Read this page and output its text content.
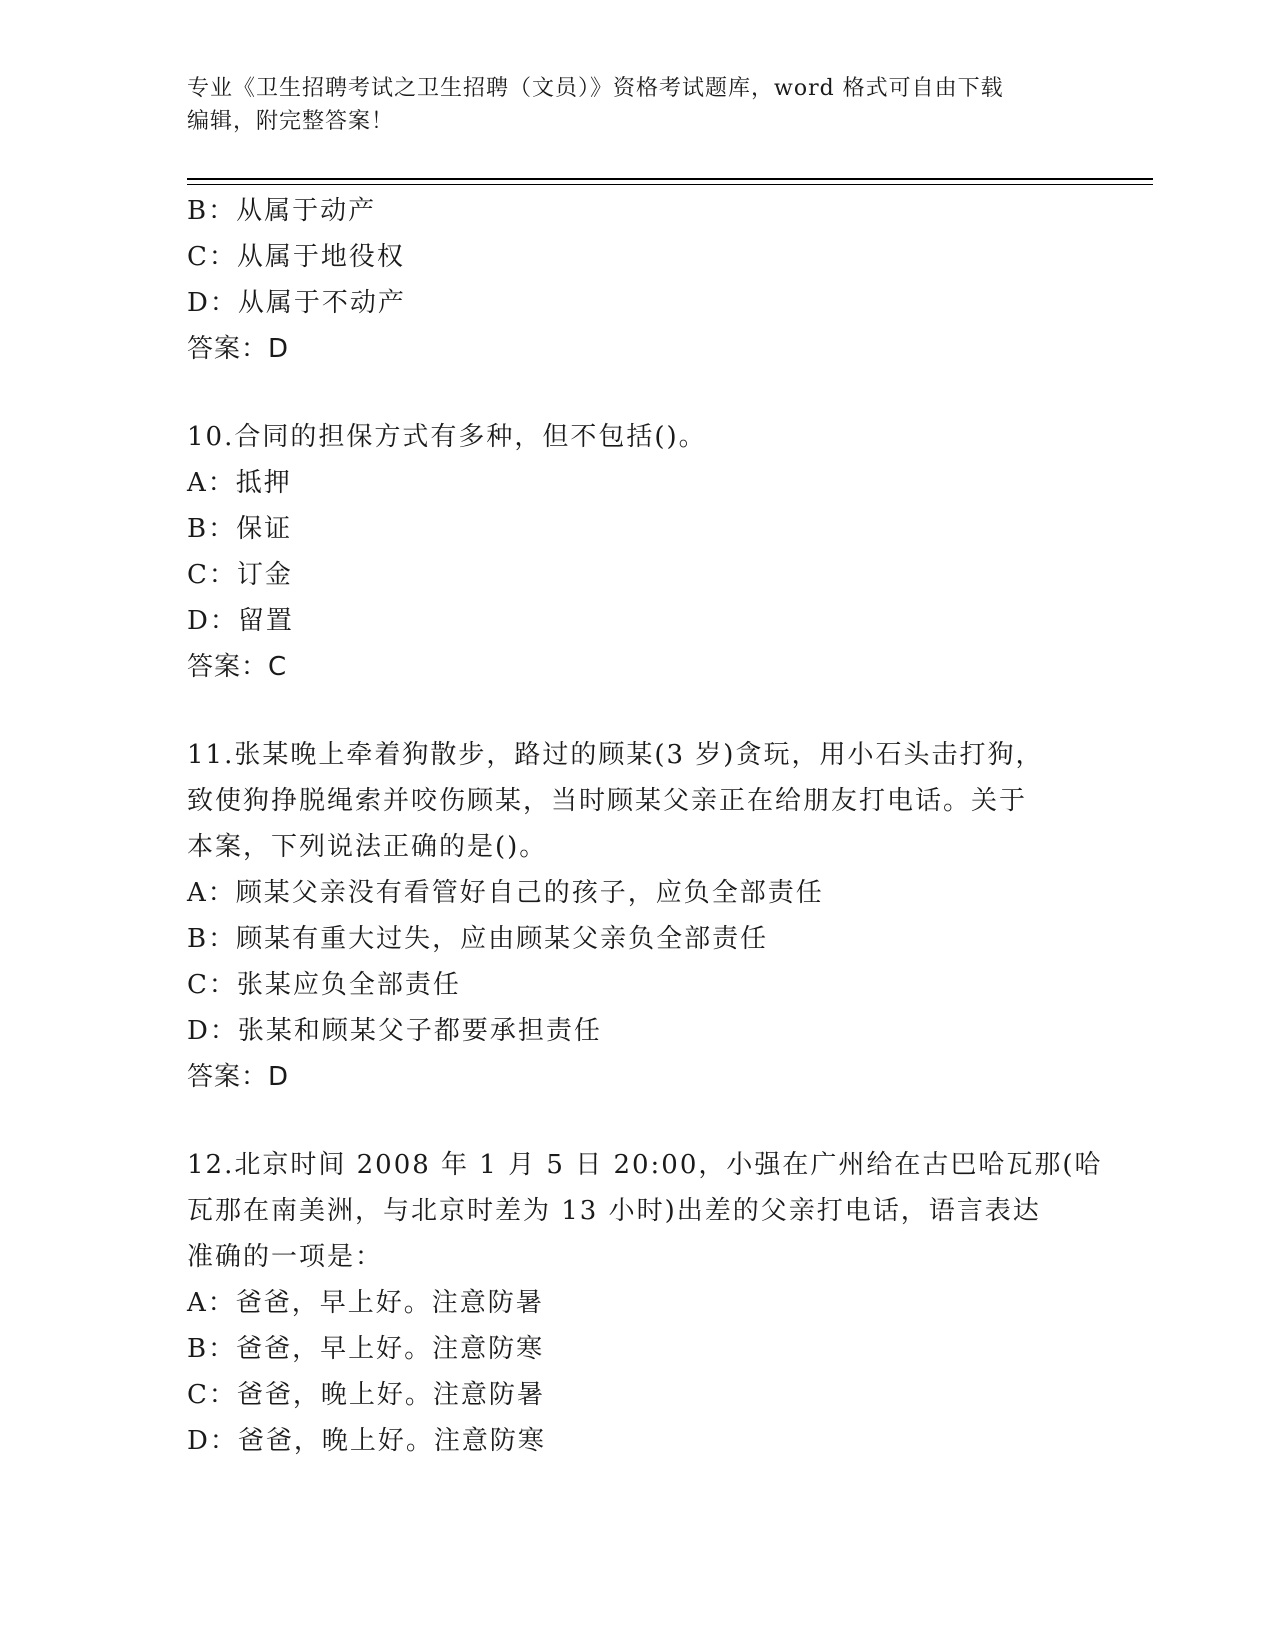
专业《卫生招聘考试之卫生招聘（文员）》资格考试题库，word 格式可自由下载
编辑，附完整答案！
B：从属于动产
C：从属于地役权
D：从属于不动产
答案：D
10.合同的担保方式有多种，但不包括()。
A：抵押
B：保证
C：订金
D：留置
答案：C
11.张某晚上牵着狗散步，路过的顾某(3 岁)贪玩，用小石头击打狗，
致使狗挣脱绳索并咬伤顾某，当时顾某父亲正在给朋友打电话。关于
本案，下列说法正确的是()。
A：顾某父亲没有看管好自己的孩子，应负全部责任
B：顾某有重大过失，应由顾某父亲负全部责任
C：张某应负全部责任
D：张某和顾某父子都要承担责任
答案：D
12.北京时间 2008 年 1 月 5 日 20:00，小强在广州给在古巴哈瓦那(哈
瓦那在南美洲，与北京时差为 13 小时)出差的父亲打电话，语言表达
准确的一项是：
A：爸爸，早上好。注意防暑
B：爸爸，早上好。注意防寒
C：爸爸，晚上好。注意防暑
D：爸爸，晚上好。注意防寒
